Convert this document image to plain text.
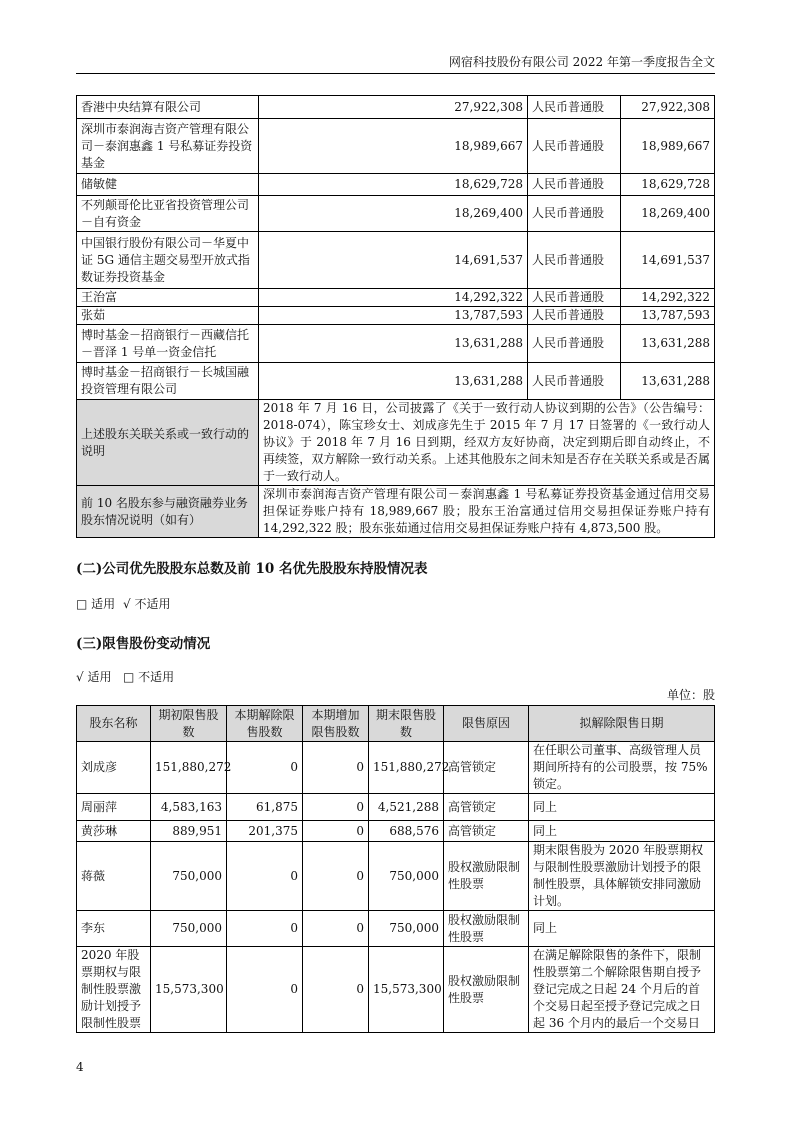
网宿科技股份有限公司 2022 年第一季度报告全文
香港中央结算有限公司	27,922,308	人民币普通股	27,922,308
深圳市泰润海吉资产管理有限公司－泰润惠鑫 1 号私募证券投资基金	18,989,667	人民币普通股	18,989,667
储敏健	18,629,728	人民币普通股	18,629,728
不列颠哥伦比亚省投资管理公司－自有资金	18,269,400	人民币普通股	18,269,400
中国银行股份有限公司－华夏中证 5G 通信主题交易型开放式指数证券投资基金	14,691,537	人民币普通股	14,691,537
王治富	14,292,322	人民币普通股	14,292,322
张茹	13,787,593	人民币普通股	13,787,593
博时基金－招商银行－西藏信托－晋泽 1 号单一资金信托	13,631,288	人民币普通股	13,631,288
博时基金－招商银行－长城国融投资管理有限公司	13,631,288	人民币普通股	13,631,288
上述股东关联关系或一致行动的说明	2018 年 7 月 16 日，公司披露了《关于一致行动人协议到期的公告》（公告编号：2018-074），陈宝珍女士、刘成彦先生于 2015 年 7 月 17 日签署的《一致行动人协议》于 2018 年 7 月 16 日到期，经双方友好协商，决定到期后即自动终止，不再续签，双方解除一致行动关系。上述其他股东之间未知是否存在关联关系或是否属于一致行动人。		
前 10 名股东参与融资融券业务股东情况说明（如有）	深圳市泰润海吉资产管理有限公司－泰润惠鑫 1 号私募证券投资基金通过信用交易担保证券账户持有 18,989,667 股；股东王治富通过信用交易担保证券账户持有 14,292,322 股；股东张茹通过信用交易担保证券账户持有 4,873,500 股。		
(二)公司优先股股东总数及前 10 名优先股股东持股情况表
□ 适用 √ 不适用
(三)限售股份变动情况
√ 适用 □ 不适用
单位：股
股东名称	期初限售股数	本期解除限售股数	本期增加限售股数	期末限售股数	限售原因	拟解除限售日期
刘成彦	151,880,272	0	0	151,880,272	高管锁定	在任职公司董事、高级管理人员期间所持有的公司股票，按 75% 锁定。
周丽萍	4,583,163	61,875	0	4,521,288	高管锁定	同上
黄莎琳	889,951	201,375	0	688,576	高管锁定	同上
蒋薇	750,000	0	0	750,000	股权激励限制性股票	期末限售股为 2020 年股票期权与限制性股票激励计划授予的限制性股票，具体解锁安排同激励计划。
李东	750,000	0	0	750,000	股权激励限制性股票	同上
2020 年股票期权与限制性股票激励计划授予限制性股票	15,573,300	0	0	15,573,300	股权激励限制性股票	在满足解除限售的条件下，限制性股票第二个解除限售期自授予登记完成之日起 24 个月后的首个交易日起至授予登记完成之日起 36 个月内的最后一个交易日
4
